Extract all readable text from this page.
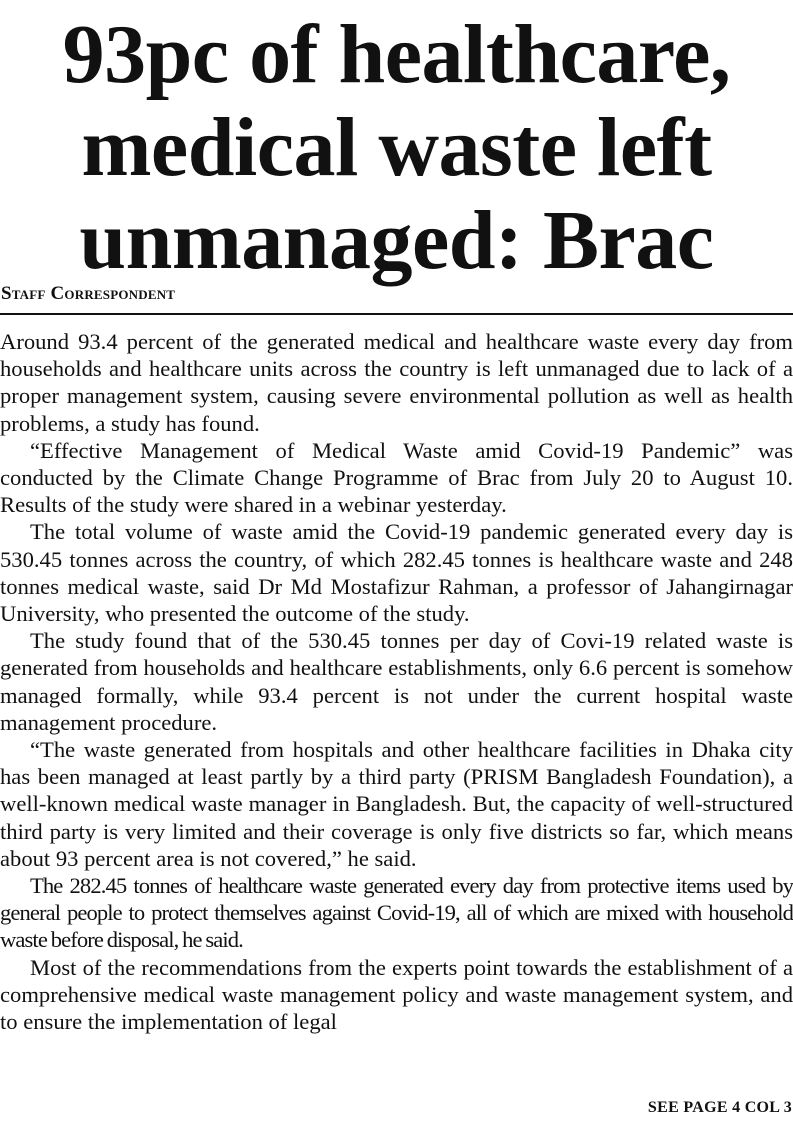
93pc of healthcare,
medical waste left
unmanaged: Brac
Staff Correspondent

Around 93.4 percent of the generated medical and healthcare waste every day from households and healthcare units across the country is left unmanaged due to lack of a proper management system, causing severe environmental pollution as well as health problems, a study has found.

“Effective Management of Medical Waste amid Covid-19 Pandemic” was conducted by the Climate Change Programme of Brac from July 20 to August 10. Results of the study were shared in a webinar yesterday.

The total volume of waste amid the Covid-19 pandemic generated every day is 530.45 tonnes across the country, of which 282.45 tonnes is healthcare waste and 248 tonnes medical waste, said Dr Md Mostafizur Rahman, a professor of Jahangirnagar University, who presented the outcome of the study.

The study found that of the 530.45 tonnes per day of Covi-19 related waste is generated from households and healthcare establishments, only 6.6 percent is somehow managed formally, while 93.4 percent is not under the current hospital waste management procedure.

“The waste generated from hospitals and other healthcare facilities in Dhaka city has been managed at least partly by a third party (PRISM Bangladesh Foundation), a well-known medical waste manager in Bangladesh. But, the capacity of well-structured third party is very limited and their coverage is only five districts so far, which means about 93 percent area is not covered,” he said.

The 282.45 tonnes of healthcare waste generated every day from protective items used by general people to protect themselves against Covid-19, all of which are mixed with household waste before disposal, he said.

Most of the recommendations from the experts point towards the establishment of a comprehensive medical waste management policy and waste management system, and to ensure the implementation of legal

SEE PAGE 4 COL 3
